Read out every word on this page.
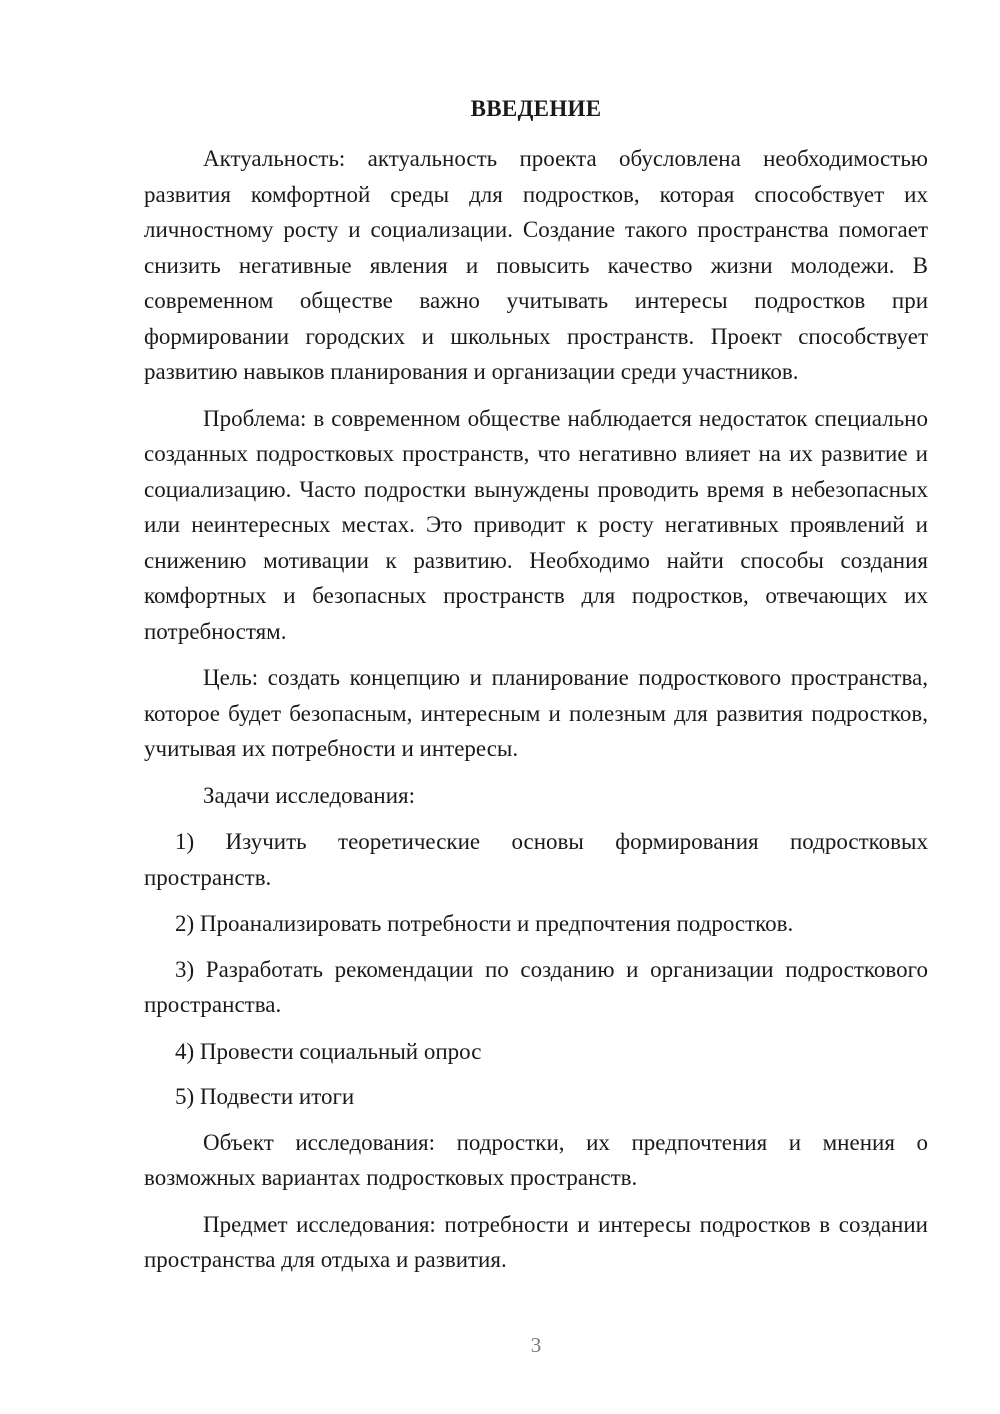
ВВЕДЕНИЕ

Актуальность: актуальность проекта обусловлена необходимостью развития комфортной среды для подростков, которая способствует их личностному росту и социализации. Создание такого пространства помогает снизить негативные явления и повысить качество жизни молодежи. В современном обществе важно учитывать интересы подростков при формировании городских и школьных пространств. Проект способствует развитию навыков планирования и организации среди участников.

Проблема: в современном обществе наблюдается недостаток специально созданных подростковых пространств, что негативно влияет на их развитие и социализацию. Часто подростки вынуждены проводить время в небезопасных или неинтересных местах. Это приводит к росту негативных проявлений и снижению мотивации к развитию. Необходимо найти способы создания комфортных и безопасных пространств для подростков, отвечающих их потребностям.

Цель: создать концепцию и планирование подросткового пространства, которое будет безопасным, интересным и полезным для развития подростков, учитывая их потребности и интересы.

Задачи исследования:

1) Изучить теоретические основы формирования подростковых пространств.

2) Проанализировать потребности и предпочтения подростков.

3) Разработать рекомендации по созданию и организации подросткового пространства.

4) Провести социальный опрос

5) Подвести итоги

Объект исследования: подростки, их предпочтения и мнения о возможных вариантах подростковых пространств.

Предмет исследования: потребности и интересы подростков в создании пространства для отдыха и развития.

3
